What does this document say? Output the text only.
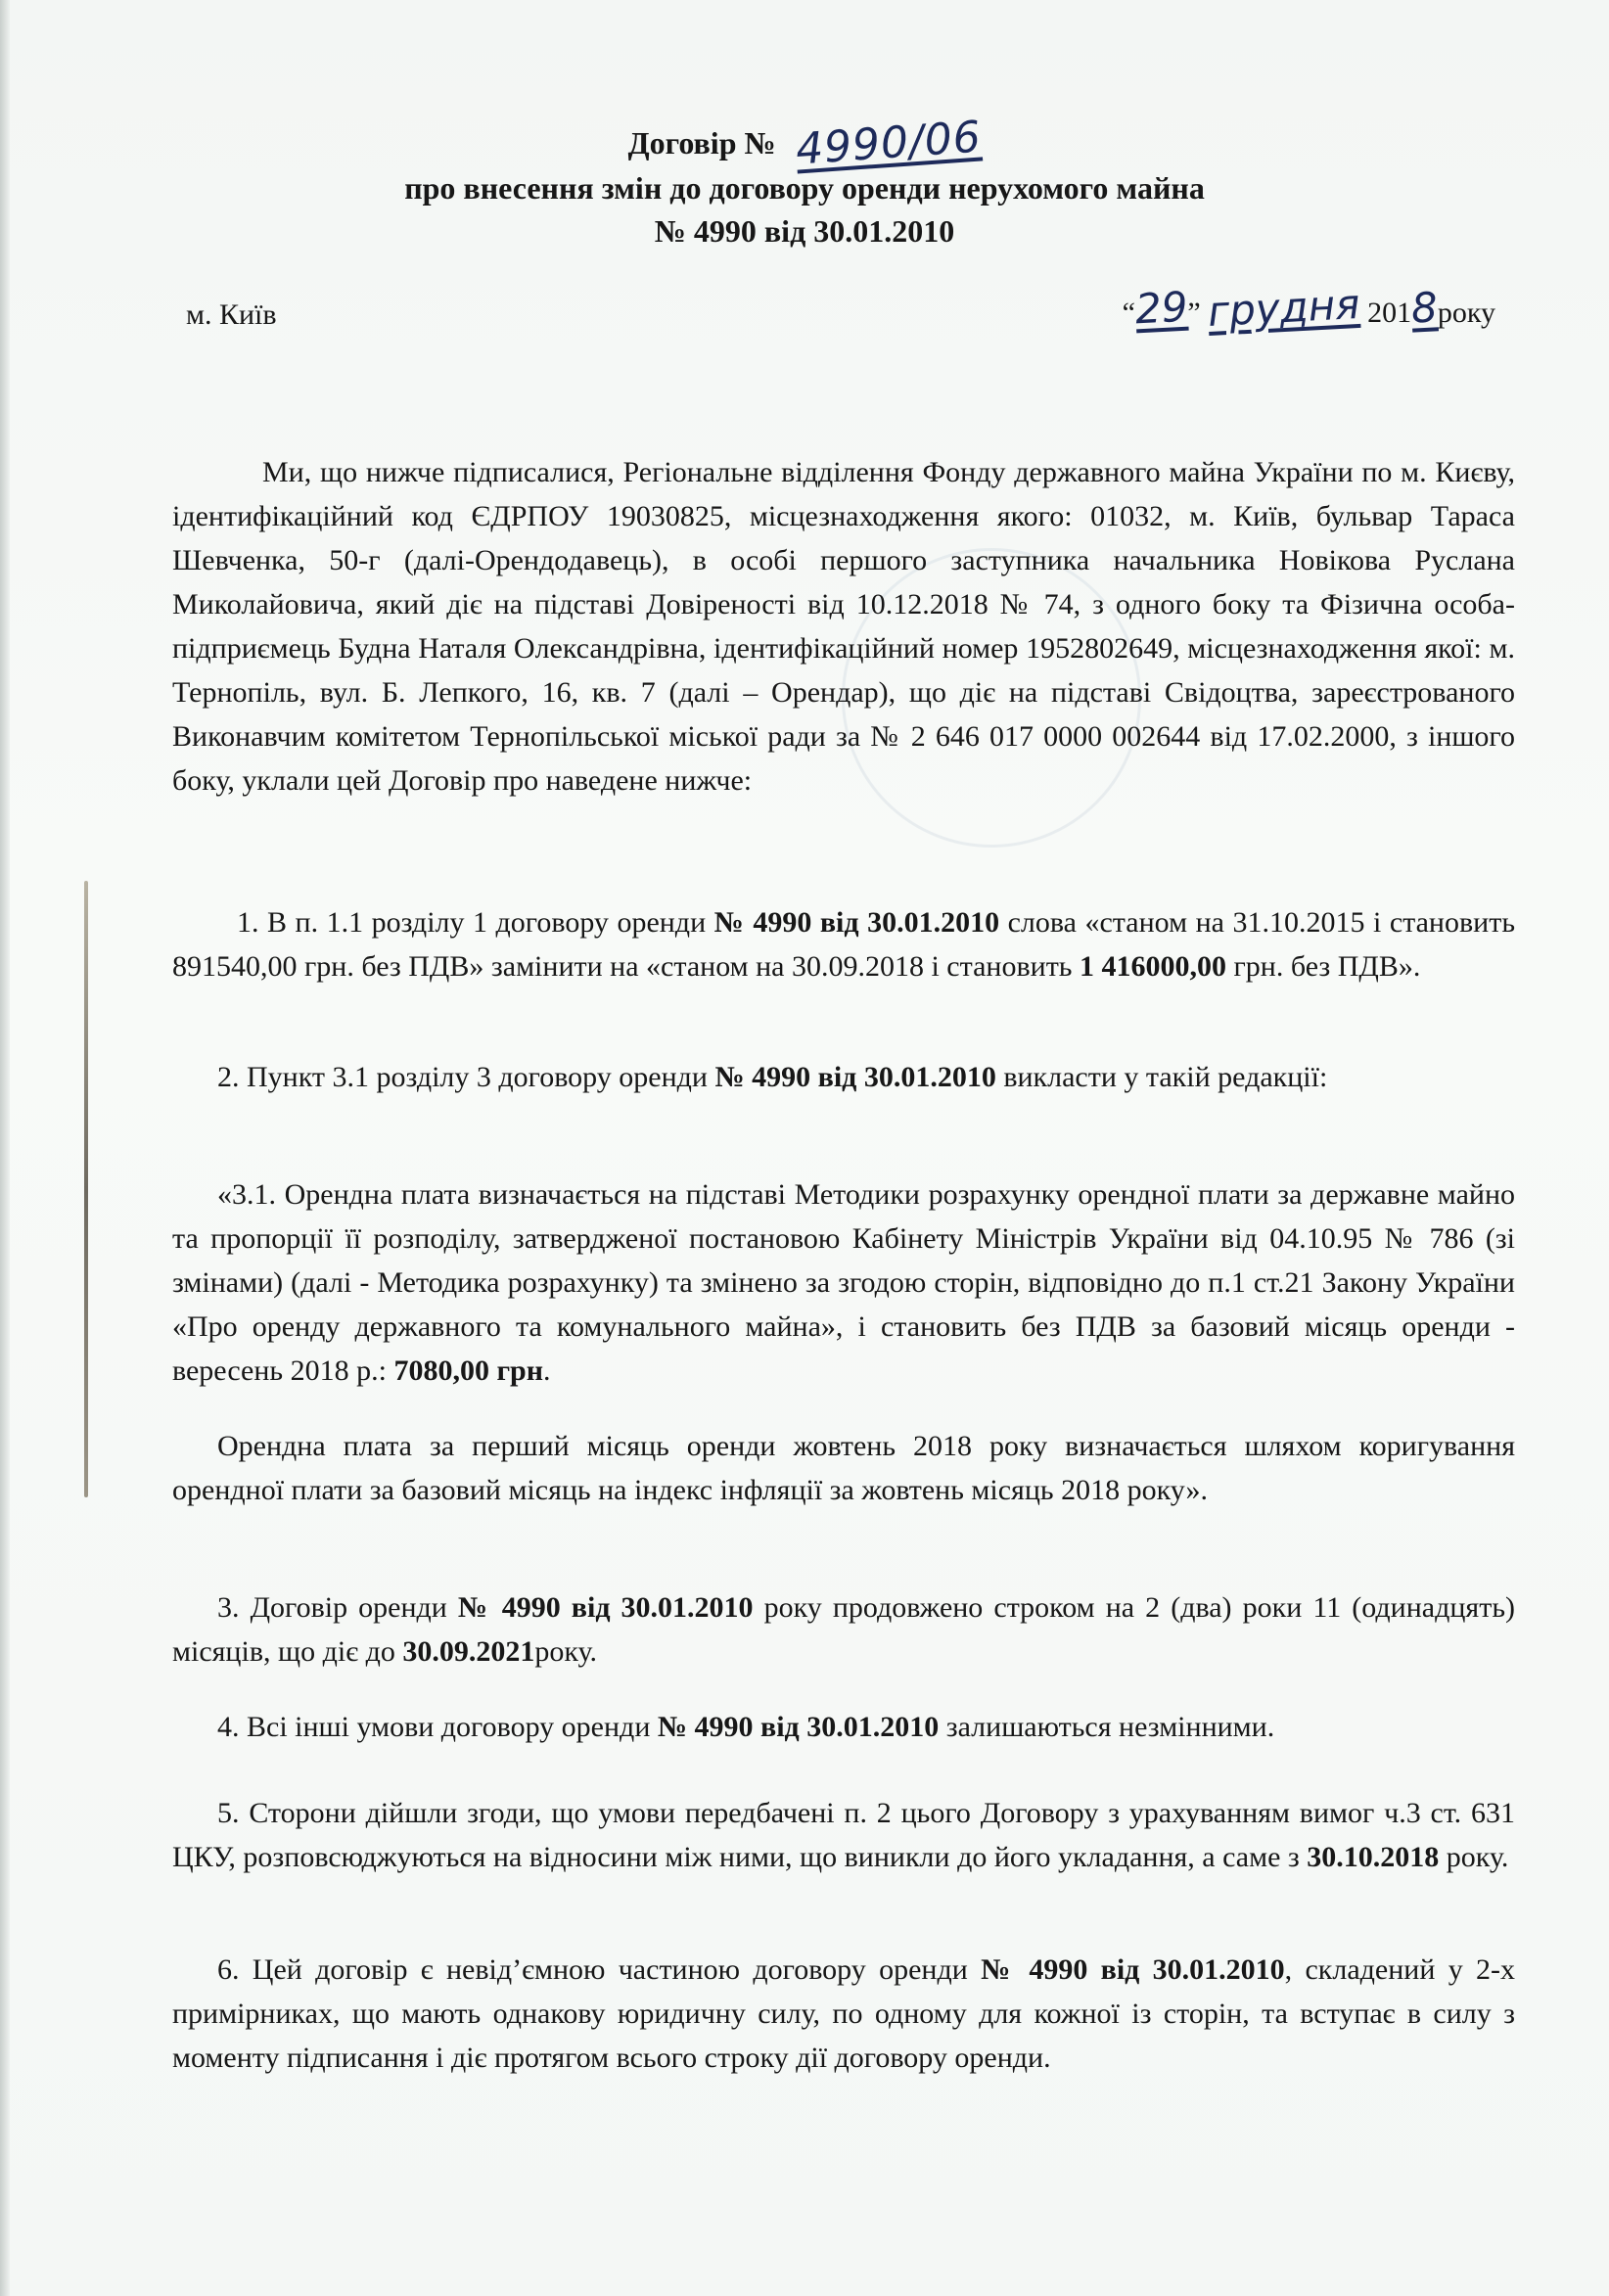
Договір № 4990/06
про внесення змін до договору оренди нерухомого майна
№ 4990 від 30.01.2010
м. Київ	“29” грудня 2018року
Ми, що нижче підписалися, Регіональне відділення Фонду державного майна України по м. Києву, ідентифікаційний код ЄДРПОУ 19030825, місцезнаходження якого: 01032, м. Київ, бульвар Тараса Шевченка, 50-г (далі-Орендодавець), в особі першого заступника начальника Новікова Руслана Миколайовича, який діє на підставі Довіреності від 10.12.2018 № 74, з одного боку та Фізична особа-підприємець Будна Наталя Олександрівна, ідентифікаційний номер 1952802649, місцезнаходження якої: м. Тернопіль, вул. Б. Лепкого, 16, кв. 7 (далі – Орендар), що діє на підставі Свідоцтва, зареєстрованого Виконавчим комітетом Тернопільської міської ради за № 2 646 017 0000 002644 від 17.02.2000, з іншого боку, уклали цей Договір про наведене нижче:
1. В п. 1.1 розділу 1 договору оренди № 4990 від 30.01.2010 слова «станом на 31.10.2015 і становить 891540,00 грн. без ПДВ» замінити на «станом на 30.09.2018 і становить 1 416000,00 грн. без ПДВ».
2. Пункт 3.1 розділу 3 договору оренди № 4990 від 30.01.2010 викласти у такій редакції:
«3.1. Орендна плата визначається на підставі Методики розрахунку орендної плати за державне майно та пропорції її розподілу, затвердженої постановою Кабінету Міністрів України від 04.10.95 № 786 (зі змінами) (далі - Методика розрахунку) та змінено за згодою сторін, відповідно до п.1 ст.21 Закону України «Про оренду державного та комунального майна», і становить без ПДВ за базовий місяць оренди - вересень 2018 р.: 7080,00 грн.
Орендна плата за перший місяць оренди жовтень 2018 року визначається шляхом коригування орендної плати за базовий місяць на індекс інфляції за жовтень місяць 2018 року».
3. Договір оренди № 4990 від 30.01.2010 року продовжено строком на 2 (два) роки 11 (одинадцять) місяців, що діє до 30.09.2021року.
4. Всі інші умови договору оренди № 4990 від 30.01.2010 залишаються незмінними.
5. Сторони дійшли згоди, що умови передбачені п. 2 цього Договору з урахуванням вимог ч.3 ст. 631 ЦКУ, розповсюджуються на відносини між ними, що виникли до його укладання, а саме з 30.10.2018 року.
6. Цей договір є невід’ємною частиною договору оренди № 4990 від 30.01.2010, складений у 2-х примірниках, що мають однакову юридичну силу, по одному для кожної із сторін, та вступає в силу з моменту підписання і діє протягом всього строку дії договору оренди.
